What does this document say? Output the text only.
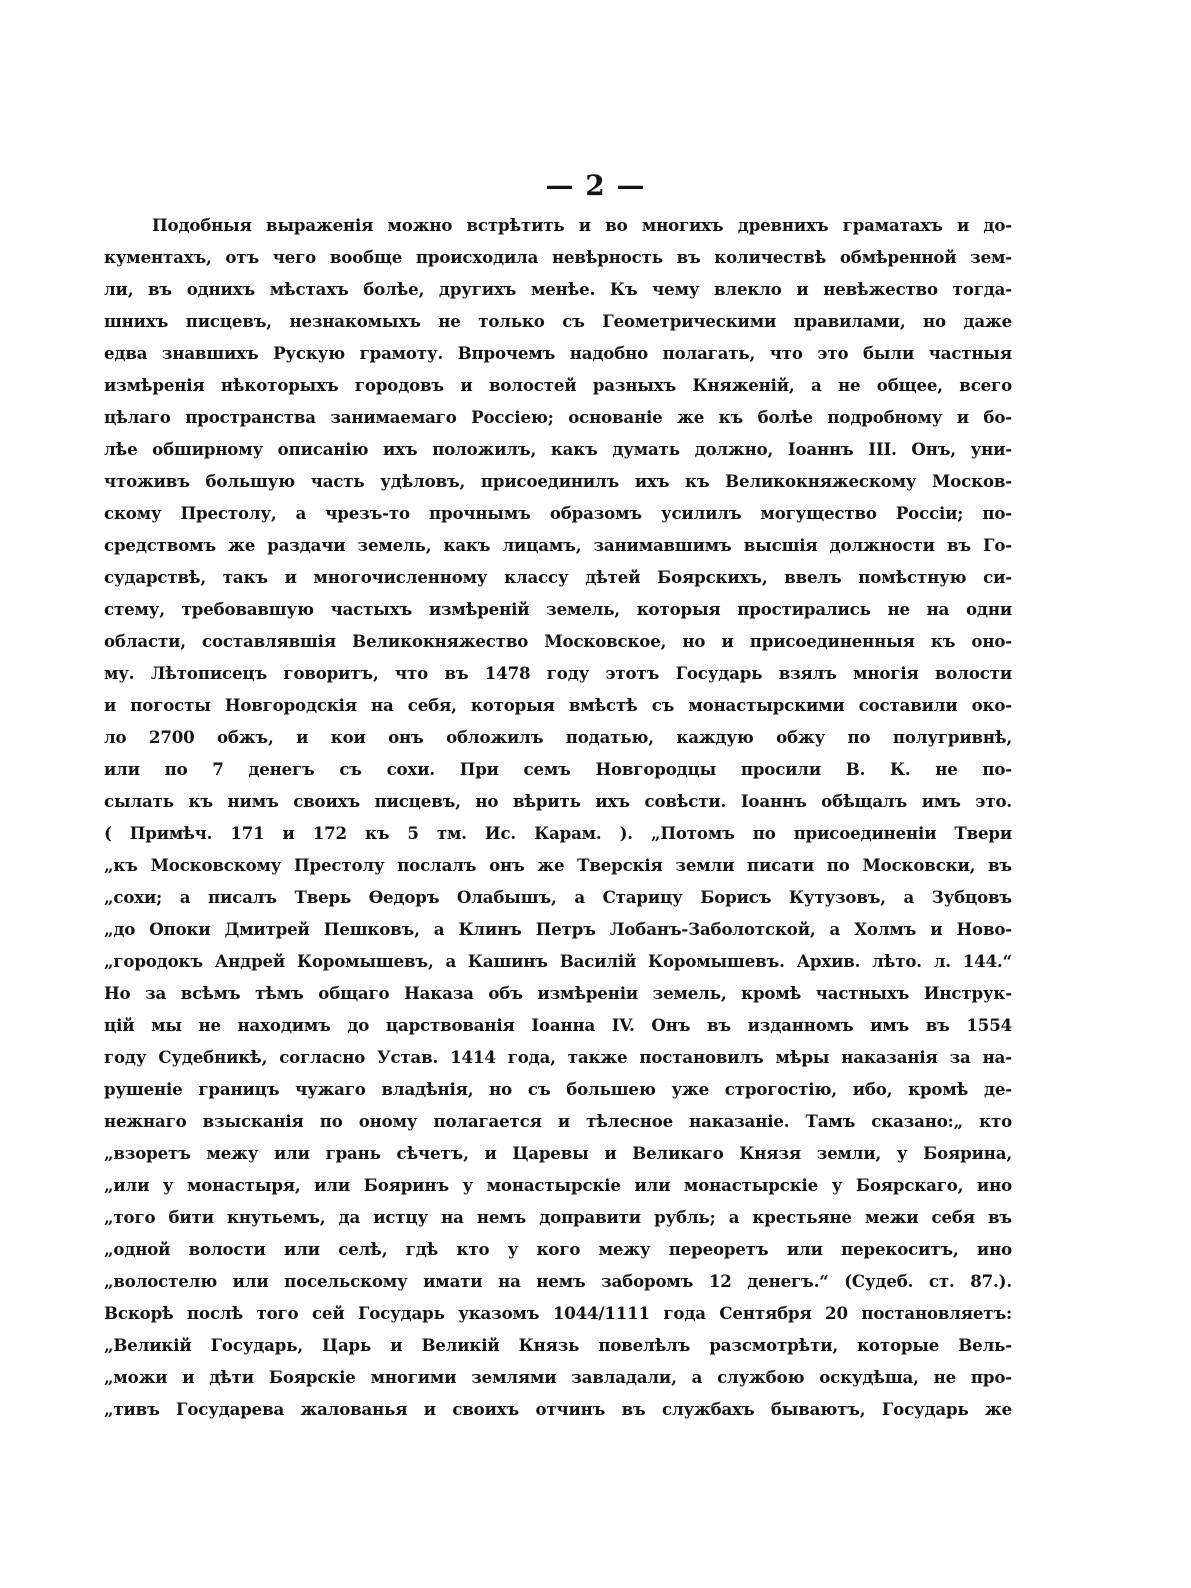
— 2 —
Подобныя выраженія можно встрѣтить и во многихъ древнихъ граматахъ и до-
кументахъ, отъ чего вообще происходила невѣрность въ количествѣ обмѣренной зем-
ли, въ однихъ мѣстахъ болѣе, другихъ менѣе. Къ чему влекло и невѣжество тогда-
шнихъ писцевъ, незнакомыхъ не только съ Геометрическими правилами, но даже
едва знавшихъ Рускую грамоту. Впрочемъ надобно полагать, что это были частныя
измѣренія нѣкоторыхъ городовъ и волостей разныхъ Княженій, а не общее, всего
цѣлаго пространства занимаемаго Россіею; основаніе же къ болѣе подробному и бо-
лѣе обширному описанію ихъ положилъ, какъ думать должно, Іоаннъ III. Онъ, уни-
чтоживъ большую часть удѣловъ, присоединилъ ихъ къ Великокняжескому Москов-
скому Престолу, а чрезъ-то прочнымъ образомъ усилилъ могущество Россіи; по-
средствомъ же раздачи земель, какъ лицамъ, занимавшимъ высшія должности въ Го-
сударствѣ, такъ и многочисленному классу дѣтей Боярскихъ, ввелъ помѣстную си-
стему, требовавшую частыхъ измѣреній земель, которыя простирались не на одни
области, составлявшія Великокняжество Московское, но и присоединенныя къ оно-
му. Лѣтописецъ говоритъ, что въ 1478 году этотъ Государь взялъ многія волости
и погосты Новгородскія на себя, которыя вмѣстѣ съ монастырскими составили око-
ло 2700 обжъ, и кои онъ обложилъ податью, каждую обжу по полугривнѣ,
или по 7 денегъ съ сохи. При семъ Новгородцы просили В. К. не по-
сылать къ нимъ своихъ писцевъ, но вѣрить ихъ совѣсти. Іоаннъ обѣщалъ имъ это.
( Примѣч. 171 и 172 къ 5 тм. Ис. Карам. ). „Потомъ по присоединеніи Твери
„къ Московскому Престолу послалъ онъ же Тверскія земли писати по Московски, въ
„сохи; а писалъ Тверь Ѳедоръ Олабышъ, а Старицу Борисъ Кутузовъ, а Зубцовъ
„до Опоки Дмитрей Пешковъ, а Клинъ Петръ Лобанъ-Заболотской, а Холмъ и Ново-
„городокъ Андрей Коромышевъ, а Кашинъ Василій Коромышевъ. Архив. лѣто. л. 144.“
Но за всѣмъ тѣмъ общаго Наказа объ измѣреніи земель, кромѣ частныхъ Инструк-
цій мы не находимъ до царствованія Іоанна IV. Онъ въ изданномъ имъ въ 1554
году Судебникѣ, согласно Устав. 1414 года, также постановилъ мѣры наказанія за на-
рушеніе границъ чужаго владѣнія, но съ большею уже строгостію, ибо, кромѣ де-
нежнаго взысканія по оному полагается и тѣлесное наказаніе. Тамъ сказано:„ кто
„взоретъ межу или грань сѣчетъ, и Царевы и Великаго Князя земли, у Боярина,
„или у монастыря, или Бояринъ у монастырскіе или монастырскіе у Боярскаго, ино
„того бити кнутьемъ, да истцу на немъ доправити рубль; а крестьяне межи себя въ
„одной волости или селѣ, гдѣ кто у кого межу переоретъ или перекоситъ, ино
„волостелю или посельскому имати на немъ заборомъ 12 денегъ.“ (Судеб. ст. 87.).
Вскорѣ послѣ того сей Государь указомъ 1044/1111 года Сентября 20 постановляетъ:
„Великій Государь, Царь и Великій Князь повелѣлъ разсмотрѣти, которые Вель-
„можи и дѣти Боярскіе многими землями завладали, а службою оскудѣша, не про-
„тивъ Государева жалованья и своихъ отчинъ въ службахъ бываютъ, Государь же
